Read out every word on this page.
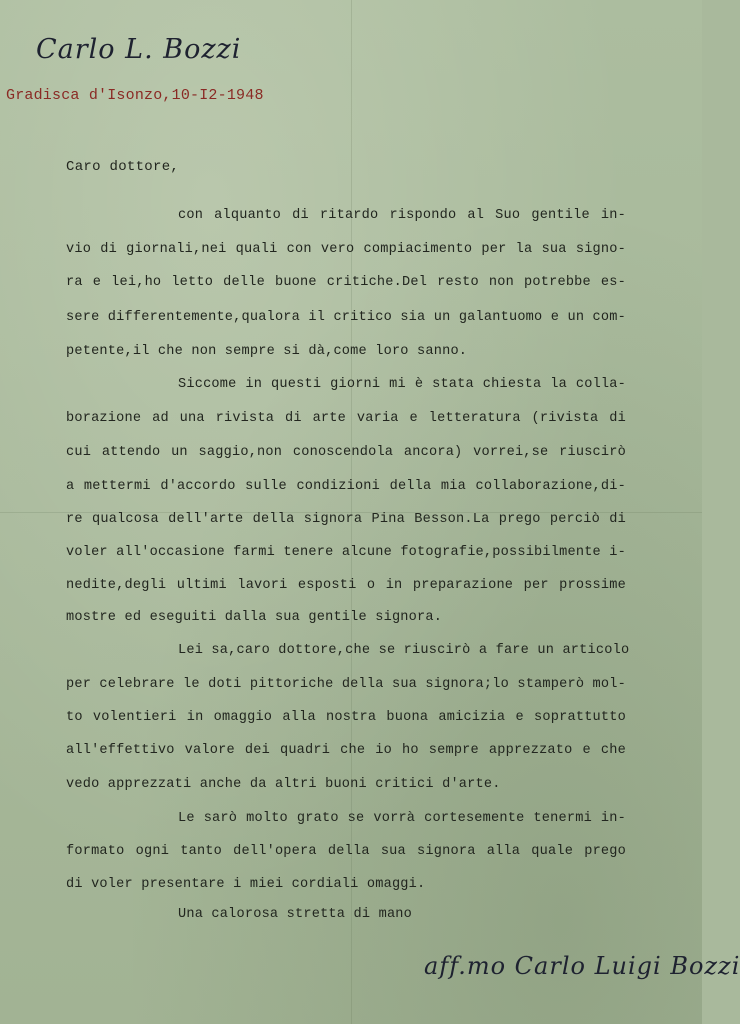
Carlo L. Bozzi
Gradisca d'Isonzo,10-I2-1948
Caro dottore,
con alquanto di ritardo rispondo al Suo gentile in-
vio di giornali,nei quali con vero compiacimento per la sua signo-
ra e lei,ho letto delle buone critiche.Del resto non potrebbe es-
sere differentemente,qualora il critico sia un galantuomo e un com-
petente,il che non sempre si dà,come loro sanno.
Siccome in questi giorni mi è stata chiesta la colla-
borazione ad una rivista di arte varia e letteratura (rivista di
cui attendo un saggio,non conoscendola ancora) vorrei,se riuscirò
a mettermi d'accordo sulle condizioni della mia collaborazione,di-
re qualcosa dell'arte della signora Pina Besson.La prego perciò di
voler all'occasione farmi tenere alcune fotografie,possibilmente i-
nedite,degli ultimi lavori esposti o in preparazione per prossime
mostre ed eseguiti dalla sua gentile signora.
Lei sa,caro dottore,che se riuscirò a fare un articolo
per celebrare le doti pittoriche della sua signora;lo stamperò mol-
to volentieri in omaggio alla nostra buona amicizia e soprattutto
all'effettivo valore dei quadri che io ho sempre apprezzato e che
vedo apprezzati anche da altri buoni critici d'arte.
Le sarò molto grato se vorrà cortesemente tenermi in-
formato ogni tanto dell'opera della sua signora alla quale prego
di voler presentare i miei cordiali omaggi.
Una calorosa stretta di mano
aff.mo Carlo Luigi Bozzi
